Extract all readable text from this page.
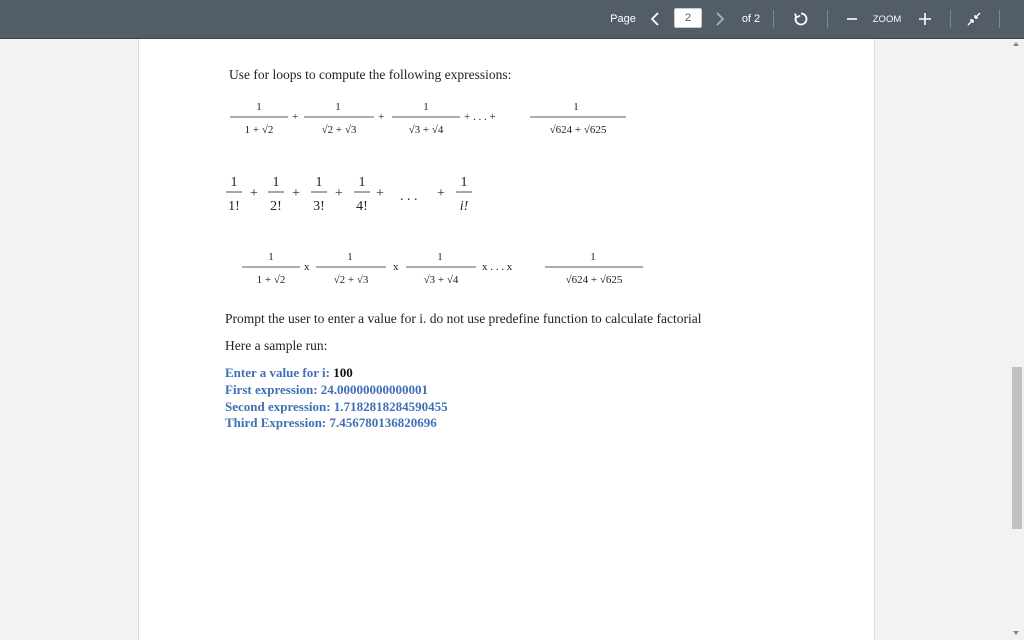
Page
2	of 2	ZOOM
Use for loops to compute the following expressions:
1
1 + √2
+
1
√2 + √3
+
1
√3 + √4
+ . . . +
1
√624 + √625
1
1!
+
1
2!
+
1
3!
+
1
4!
+ . . . +
1
i!
1
1 + √2
x
1
√2 + √3
x
1
√3 + √4
x . . . x
1
√624 + √625
Prompt the user to enter a value for i. do not use predefine function to calculate factorial
Here a sample run:
Enter a value for i: 100
First expression: 24.00000000000001
Second expression: 1.7182818284590455
Third Expression: 7.456780136820696
